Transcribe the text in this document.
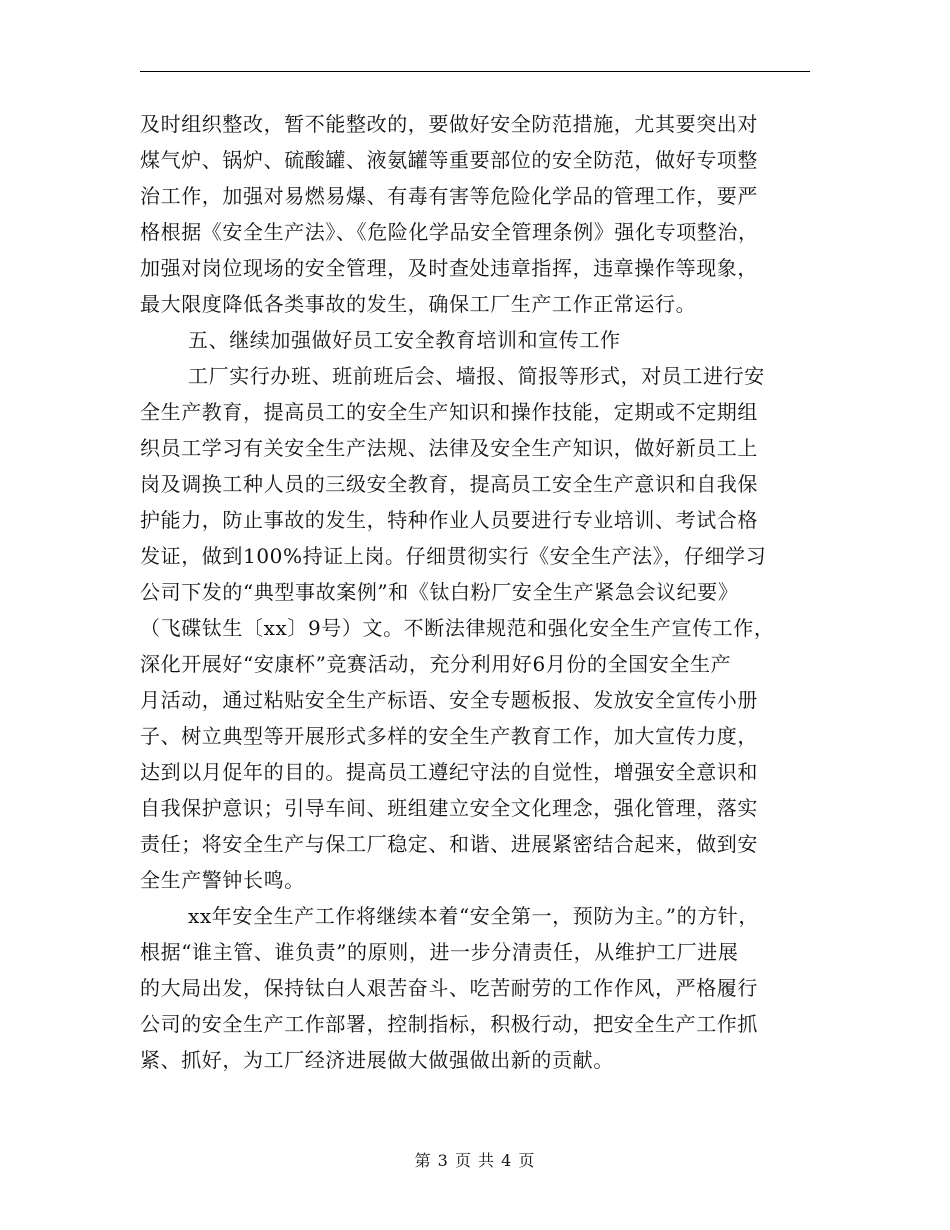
及时组织整改，暂不能整改的，要做好安全防范措施，尤其要突出对
煤气炉、锅炉、硫酸罐、液氨罐等重要部位的安全防范，做好专项整
治工作，加强对易燃易爆、有毒有害等危险化学品的管理工作，要严
格根据《安全生产法》、《危险化学品安全管理条例》强化专项整治，
加强对岗位现场的安全管理，及时查处违章指挥，违章操作等现象，
最大限度降低各类事故的发生，确保工厂生产工作正常运行。
五、继续加强做好员工安全教育培训和宣传工作
工厂实行办班、班前班后会、墙报、简报等形式，对员工进行安
全生产教育，提高员工的安全生产知识和操作技能，定期或不定期组
织员工学习有关安全生产法规、法律及安全生产知识，做好新员工上
岗及调换工种人员的三级安全教育，提高员工安全生产意识和自我保
护能力，防止事故的发生，特种作业人员要进行专业培训、考试合格
发证，做到100%持证上岗。仔细贯彻实行《安全生产法》，仔细学习
公司下发的“典型事故案例”和《钛白粉厂安全生产紧急会议纪要》
（飞碟钛生〔xx〕9号）文。不断法律规范和强化安全生产宣传工作，
深化开展好“安康杯”竞赛活动，充分利用好6月份的全国安全生产
月活动，通过粘贴安全生产标语、安全专题板报、发放安全宣传小册
子、树立典型等开展形式多样的安全生产教育工作，加大宣传力度，
达到以月促年的目的。提高员工遵纪守法的自觉性，增强安全意识和
自我保护意识；引导车间、班组建立安全文化理念，强化管理，落实
责任；将安全生产与保工厂稳定、和谐、进展紧密结合起来，做到安
全生产警钟长鸣。
xx年安全生产工作将继续本着“安全第一，预防为主。”的方针，
根据“谁主管、谁负责”的原则，进一步分清责任，从维护工厂进展
的大局出发，保持钛白人艰苦奋斗、吃苦耐劳的工作作风，严格履行
公司的安全生产工作部署，控制指标，积极行动，把安全生产工作抓
紧、抓好，为工厂经济进展做大做强做出新的贡献。
第 3 页 共 4 页
